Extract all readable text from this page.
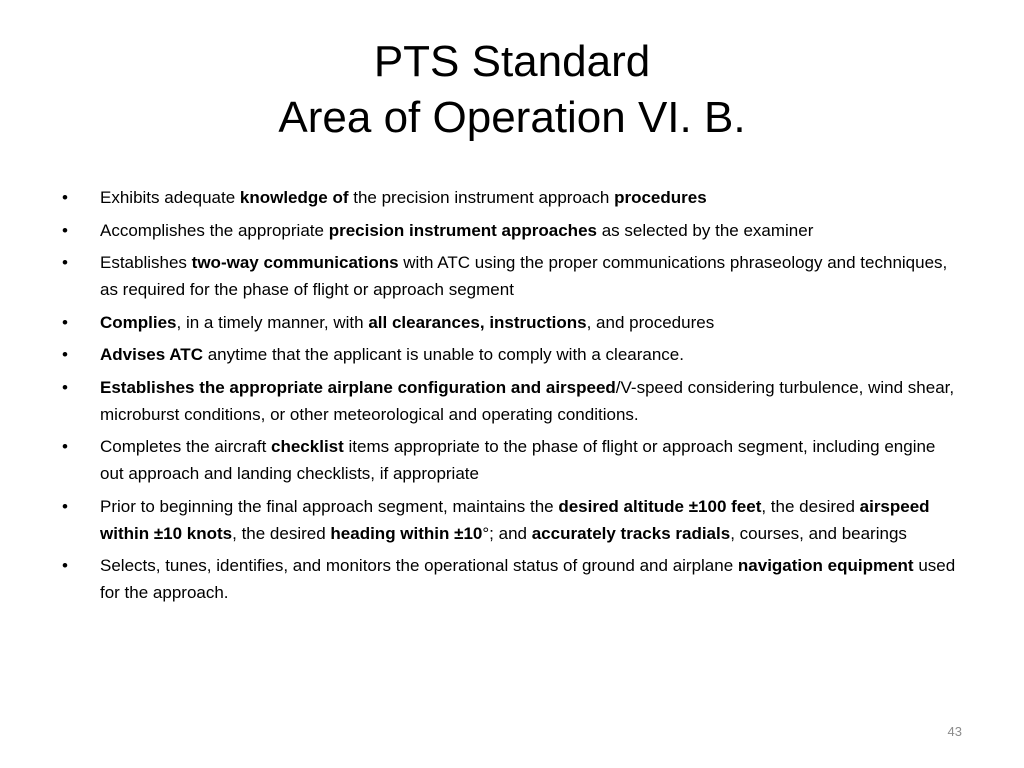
PTS Standard
Area of Operation VI. B.
•	Exhibits adequate knowledge of the precision instrument approach procedures
•	Accomplishes the appropriate precision instrument approaches as selected by the examiner
•	Establishes two-way communications with ATC using the proper communications phraseology and techniques, as required for the phase of flight or approach segment
•	Complies, in a timely manner, with all clearances, instructions, and procedures
•	Advises ATC anytime that the applicant is unable to comply with a clearance.
•	Establishes the appropriate airplane configuration and airspeed/V-speed considering turbulence, wind shear, microburst conditions, or other meteorological and operating conditions.
•	Completes the aircraft checklist items appropriate to the phase of flight or approach segment, including engine out approach and landing checklists, if appropriate
•	Prior to beginning the final approach segment, maintains the desired altitude ±100 feet, the desired airspeed within ±10 knots, the desired heading within ±10°; and accurately tracks radials, courses, and bearings
•	Selects, tunes, identifies, and monitors the operational status of ground and airplane navigation equipment used for the approach.
43
